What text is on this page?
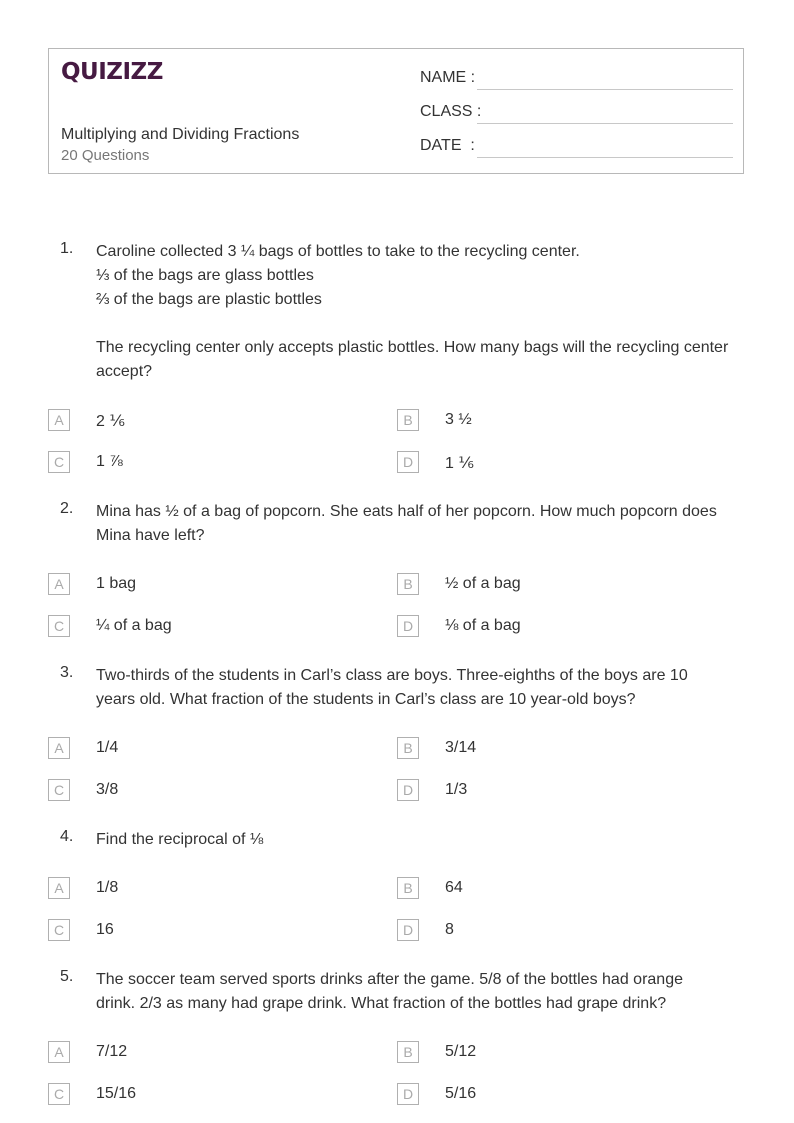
QUIZIZZ
Multiplying and Dividing Fractions
20 Questions
NAME :
CLASS :
DATE  :
1. Caroline collected 3 ¼ bags of bottles to take to the recycling center.
⅓ of the bags are glass bottles
⅔ of the bags are plastic bottles
The recycling center only accepts plastic bottles. How many bags will the recycling center
accept?
A	2 ⅙	B	3 ½
C	1 ⅞	D	1 ⅙
2. Mina has ½ of a bag of popcorn. She eats half of her popcorn. How much popcorn does
Mina have left?
A	1 bag	B	½ of a bag
C	¼ of a bag	D	⅛ of a bag
3. Two-thirds of the students in Carl’s class are boys. Three-eighths of the boys are 10
years old. What fraction of the students in Carl’s class are 10 year-old boys?
A	1/4	B	3/14
C	3/8	D	1/3
4. Find the reciprocal of ⅛
A	1/8	B	64
C	16	D	8
5. The soccer team served sports drinks after the game. 5/8 of the bottles had orange
drink. 2/3 as many had grape drink. What fraction of the bottles had grape drink?
A	7/12	B	5/12
C	15/16	D	5/16
